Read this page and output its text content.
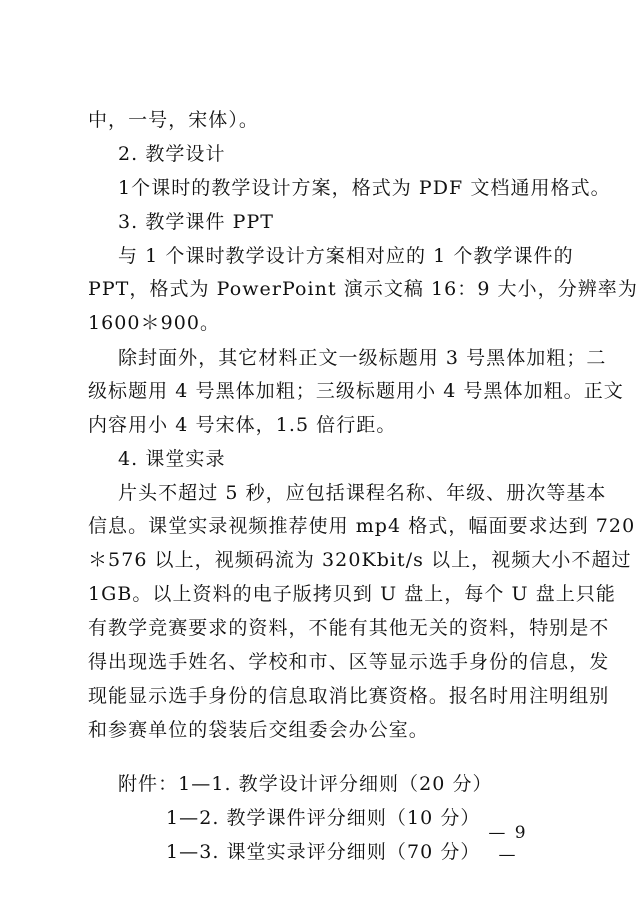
中，一号，宋体）。
2. 教学设计
1个课时的教学设计方案，格式为 PDF 文档通用格式。
3. 教学课件 PPT
与 1 个课时教学设计方案相对应的 1 个教学课件的
PPT，格式为 PowerPoint 演示文稿 16：9 大小，分辨率为
1600＊900。
除封面外，其它材料正文一级标题用 3 号黑体加粗；二
级标题用 4 号黑体加粗；三级标题用小 4 号黑体加粗。正文
内容用小 4 号宋体，1.5 倍行距。
4. 课堂实录
片头不超过 5 秒，应包括课程名称、年级、册次等基本
信息。课堂实录视频推荐使用 mp4 格式，幅面要求达到 720
＊576 以上，视频码流为 320Kbit/s 以上，视频大小不超过
1GB。以上资料的电子版拷贝到 U 盘上，每个 U 盘上只能
有教学竞赛要求的资料，不能有其他无关的资料，特别是不
得出现选手姓名、学校和市、区等显示选手身份的信息，发
现能显示选手身份的信息取消比赛资格。报名时用注明组别
和参赛单位的袋装后交组委会办公室。
附件：1—1. 教学设计评分细则（20 分）
1—2. 教学课件评分细则（10 分）
1—3. 课堂实录评分细则（70 分）
— 9 —
